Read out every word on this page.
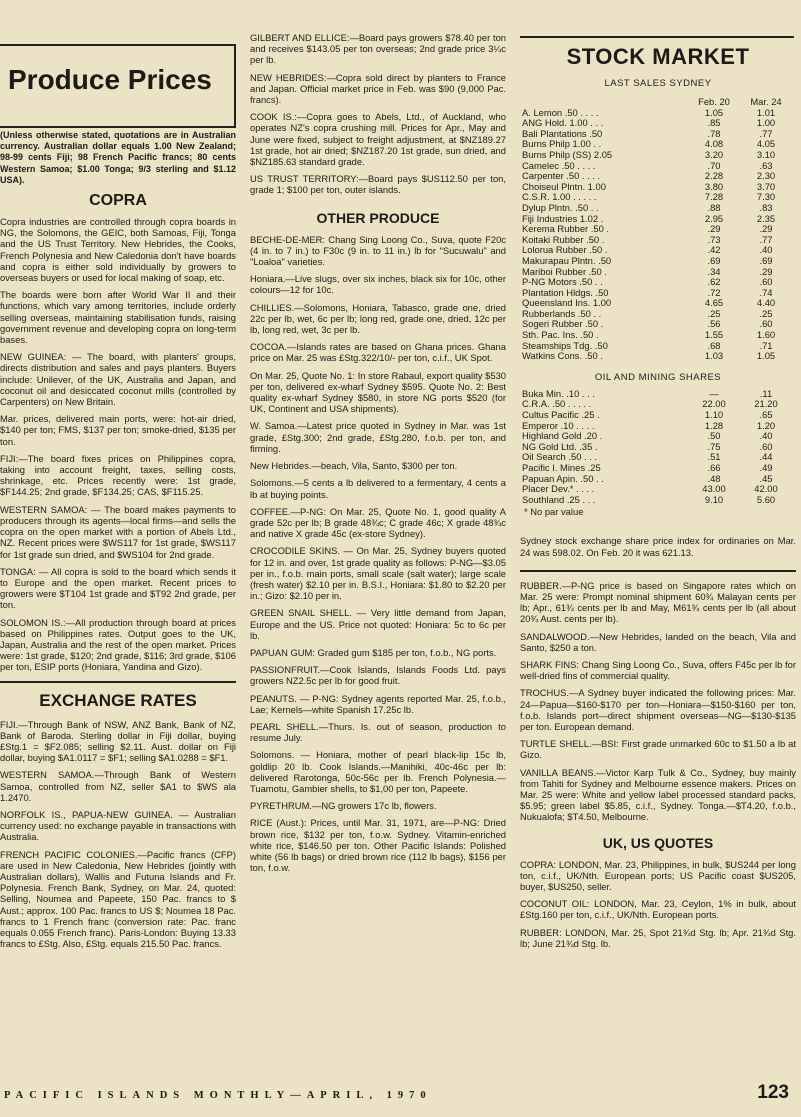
Produce Prices

(Unless otherwise stated, quotations are in Australian currency. Australian dollar equals 1.00 New Zealand; 98-99 cents Fiji; 98 French Pacific francs; 80 cents Western Samoa; $1.00 Tonga; 9/3 sterling and $1.12 USA).

COPRA

Copra industries are controlled through copra boards in NG, the Solomons, the GEIC, both Samoas, Fiji, Tonga and the US Trust Territory. New Hebrides, the Cooks, French Polynesia and New Caledonia don't have boards and copra is either sold individually by growers to overseas buyers or used for local making of soap, etc.

The boards were born after World War II and their functions, which vary among territories, include orderly selling overseas, maintaining stabilisation funds, raising government revenue and developing copra on long-term bases.

NEW GUINEA: — The board, with planters' groups, directs distribution and sales and pays planters. Buyers include: Unilever, of the UK, Australia and Japan, and coconut oil and desiccated coconut mills (controlled by Carpenters) on New Britain.

Mar. prices, delivered main ports, were: hot-air dried, $140 per ton; FMS, $137 per ton; smoke-dried, $135 per ton.

FIJI:—The board fixes prices on Philippines copra, taking into account freight, taxes, selling costs, shrinkage, etc. Prices recently were: 1st grade, $F144.25; 2nd grade, $F134.25; CAS, $F115.25.

WESTERN SAMOA: — The board makes payments to producers through its agents—local firms—and sells the copra on the open market with a portion of Abels Ltd., NZ. Recent prices were $WS117 for 1st grade, $WS117 for 1st grade sun dried, and $WS104 for 2nd grade.

TONGA: — All copra is sold to the board which sends it to Europe and the open market. Recent prices to growers were $T104 1st grade and $T92 2nd grade, per ton.

SOLOMON IS.:—All production through board at prices based on Philippines rates. Output goes to the UK, Japan, Australia and the rest of the open market. Prices were: 1st grade, $120; 2nd grade, $116; 3rd grade, $106 per ton, ESIP ports (Honiara, Yandina and Gizo).

EXCHANGE RATES

FIJI.—Through Bank of NSW, ANZ Bank, Bank of NZ, Bank of Baroda. Sterling dollar in Fiji dollar, buying £Stg.1 = $F2.085; selling $2.11. Aust. dollar on Fiji dollar, buying $A1.0117 = $F1; selling $A1.0288 = $F1.

WESTERN SAMOA.—Through Bank of Western Samoa, controlled from NZ, seller $A1 to $WS ala 1.2470.

NORFOLK IS., PAPUA-NEW GUINEA. — Australian currency used: no exchange payable in transactions with Australia.

FRENCH PACIFIC COLONIES.—Pacific francs (CFP) are used in New Caledonia, New Hebrides (jointly with Australian dollars), Wallis and Futuna Islands and Fr. Polynesia. French Bank, Sydney, on Mar. 24, quoted: Selling, Noumea and Papeete, 150 Pac. francs to $ Aust.; approx. 100 Pac. francs to US $; Noumea 18 Pac. francs to 1 French franc (conversion rate: Pac. franc equals 0.055 French franc). Paris-London: Buying 13.33 francs to £Stg. Also, £Stg. equals 215.50 Pac. francs.

GILBERT AND ELLICE:—Board pays growers $78.40 per ton and receives $143.05 per ton overseas; 2nd grade price 3¼c per lb.

NEW HEBRIDES:—Copra sold direct by planters to France and Japan. Official market price in Feb. was $90 (9,000 Pac. francs).

COOK IS.:—Copra goes to Abels, Ltd., of Auckland, who operates NZ's copra crushing mill. Prices for Apr., May and June were fixed, subject to freight adjustment, at $NZ189.27 1st grade, hot air dried; $NZ187.20 1st grade, sun dried, and $NZ185.63 standard grade.

US TRUST TERRITORY:—Board pays $US112.50 per ton, grade 1; $100 per ton, outer islands.

OTHER PRODUCE

BECHE-DE-MER: Chang Sing Loong Co., Suva, quote F20c (4 in. to 7 in.) to F30c (9 in. to 11 in.) lb for "Sucuwalu" and "Loaloa" varieties.

Honiara.—Live slugs, over six inches, black six for 10c, other colours—12 for 10c.

CHILLIES.—Solomons, Honiara, Tabasco, grade one, dried 22c per lb, wet, 6c per lb; long red, grade one, dried, 12c per lb, long red, wet, 3c per lb.

COCOA.—Islands rates are based on Ghana prices. Ghana price on Mar. 25 was £Stg.322/10/- per ton, c.i.f., UK Spot.

On Mar. 25, Quote No. 1: In store Rabaul, export quality $530 per ton, delivered ex-wharf Sydney $595. Quote No. 2: Best quality ex-wharf Sydney $580, in store NG ports $520 (for UK, Continent and USA shipments).

W. Samoa.—Latest price quoted in Sydney in Mar. was 1st grade, £Stg.300; 2nd grade, £Stg.280, f.o.b. per ton, and firming.

New Hebrides.—beach, Vila, Santo, $300 per ton.

Solomons.—5 cents a lb delivered to a fermentary, 4 cents a lb at buying points.

COFFEE.—P-NG: On Mar. 25, Quote No. 1, good quality A grade 52c per lb; B grade 48¾c; C grade 46c; X grade 48¾c and native X grade 45c (ex-store Sydney).

CROCODILE SKINS. — On Mar. 25, Sydney buyers quoted for 12 in. and over, 1st grade quality as follows: P-NG—$3.05 per in., f.o.b. main ports, small scale (salt water); large scale (fresh water) $2.10 per in. B.S.I., Honiara: $1.80 to $2.20 per in.; Gizo: $2.10 per in.

GREEN SNAIL SHELL. — Very little demand from Japan, Europe and the US. Price not quoted: Honiara: 5c to 6c per lb.

PAPUAN GUM: Graded gum $185 per ton, f.o.b., NG ports.

PASSIONFRUIT.—Cook Islands, Islands Foods Ltd. pays growers NZ2.5c per lb for good fruit.

PEANUTS. — P-NG: Sydney agents reported Mar. 25, f.o.b., Lae; Kernels—white Spanish 17.25c lb.

PEARL SHELL.—Thurs. Is. out of season, production to resume July.

Solomons. — Honiara, mother of pearl black-lip 15c lb, goldlip 20 lb. Cook Islands.—Manihiki, 40c-46c per lb: delivered Rarotonga, 50c-56c per lb. French Polynesia.—Tuamotu, Gambier shells, to $1,00 per ton, Papeete.

PYRETHRUM.—NG growers 17c lb, flowers.

RICE (Aust.): Prices, until Mar. 31, 1971, are—P-NG: Dried brown rice, $132 per ton, f.o.w. Sydney. Vitamin-enriched white rice, $146.50 per ton. Other Pacific Islands: Polished white (56 lb bags) or dried brown rice (112 lb bags), $156 per ton, f.o.w.

STOCK MARKET
LAST SALES SYDNEY
	Feb. 20	Mar. 24
A. Lemon .50 . . . .	1.05	1.01
ANG Hold. 1.00 . . .	.85	1.00
Bali Plantations .50	.78	.77
Burns Philp 1.00 . .	4.08	4.05
Burns Philp (SS) 2.05	3.20	3.10
Camelec .50 . . . .	.70	.63
Carpenter .50 . . . .	2.28	2.30
Choiseul Plntn. 1.00	3.80	3.70
C.S.R. 1.00 . . . . .	7.28	7.30
Dylup Plntn. .50 . .	.88	.83
Fiji Industries 1.02 .	2.95	2.35
Kerema Rubber .50 .	.29	.29
Koitaki Rubber .50 .	.73	.77
Lolorua Rubber .50 .	.42	.40
Makurapau Plntn. .50	.69	.69
Mariboi Rubber .50 .	.34	.29
P-NG Motors .50 . .	.62	.60
Plantation Hldgs. .50	.72	.74
Queensland Ins. 1.00	4.65	4.40
Rubberlands .50 . .	.25	.25
Sogeri Rubber .50 .	.56	.60
Sth. Pac. Ins. .50 .	1.55	1.60
Steamships Tdg. .50	.68	.71
Watkins Cons. .50 .	1.03	1.05
OIL AND MINING SHARES
Buka Min. .10 . . .	—	.11
C.R.A. .50 . . . . .	22.00	21.20
Cultus Pacific .25 .	1.10	.65
Emperor .10 . . . .	1.28	1.20
Highland Gold .20 .	.50	.40
NG Gold Ltd. .35 .	.75	.60
Oil Search .50 . . .	.51	.44
Pacific I. Mines .25	.66	.49
Papuan Apin. .50 . .	.48	.45
Placer Dev.* . . . .	43.00	42.00
Southland .25 . . .	9.10	5.60
* No par value

Sydney stock exchange share price index for ordinaries on Mar. 24 was 598.02. On Feb. 20 it was 621.13.

RUBBER.—P-NG price is based on Singapore rates which on Mar. 25 were: Prompt nominal shipment 60¾ Malayan cents per lb; Apr., 61¾ cents per lb and May, M61¾ cents per lb (all about 20¾ Aust. cents per lb).

SANDALWOOD.—New Hebrides, landed on the beach, Vila and Santo, $250 a ton.

SHARK FINS: Chang Sing Loong Co., Suva, offers F45c per lb for well-dried fins of commercial quality.

TROCHUS.—A Sydney buyer indicated the following prices: Mar. 24—Papua—$160-$170 per ton—Honiara—$150-$160 per ton, f.o.b. Islands port—direct shipment overseas—NG—$130-$135 per ton. European demand.

TURTLE SHELL.—BSI: First grade unmarked 60c to $1.50 a lb at Gizo.

VANILLA BEANS.—Victor Karp Tulk & Co., Sydney, buy mainly from Tahiti for Sydney and Melbourne essence makers. Prices on Mar. 25 were: White and yellow label processed standard packs, $5.95; green label $5.85, c.i.f., Sydney. Tonga.—$T4.20, f.o.b., Nukualofa; $T4.50, Melbourne.

UK, US QUOTES

COPRA: LONDON, Mar. 23, Philippines, in bulk, $US244 per long ton, c.i.f., UK/Nth. European ports; US Pacific coast $US205, buyer, $US250, seller.

COCONUT OIL: LONDON, Mar. 23, Ceylon, 1% in bulk, about £Stg.160 per ton, c.i.f., UK/Nth. European ports.

RUBBER: LONDON, Mar. 25, Spot 21¾d Stg. lb; Apr. 21¾d Stg. lb; June 21¾d Stg. lb.

PACIFIC ISLANDS MONTHLY—APRIL, 1970	123
